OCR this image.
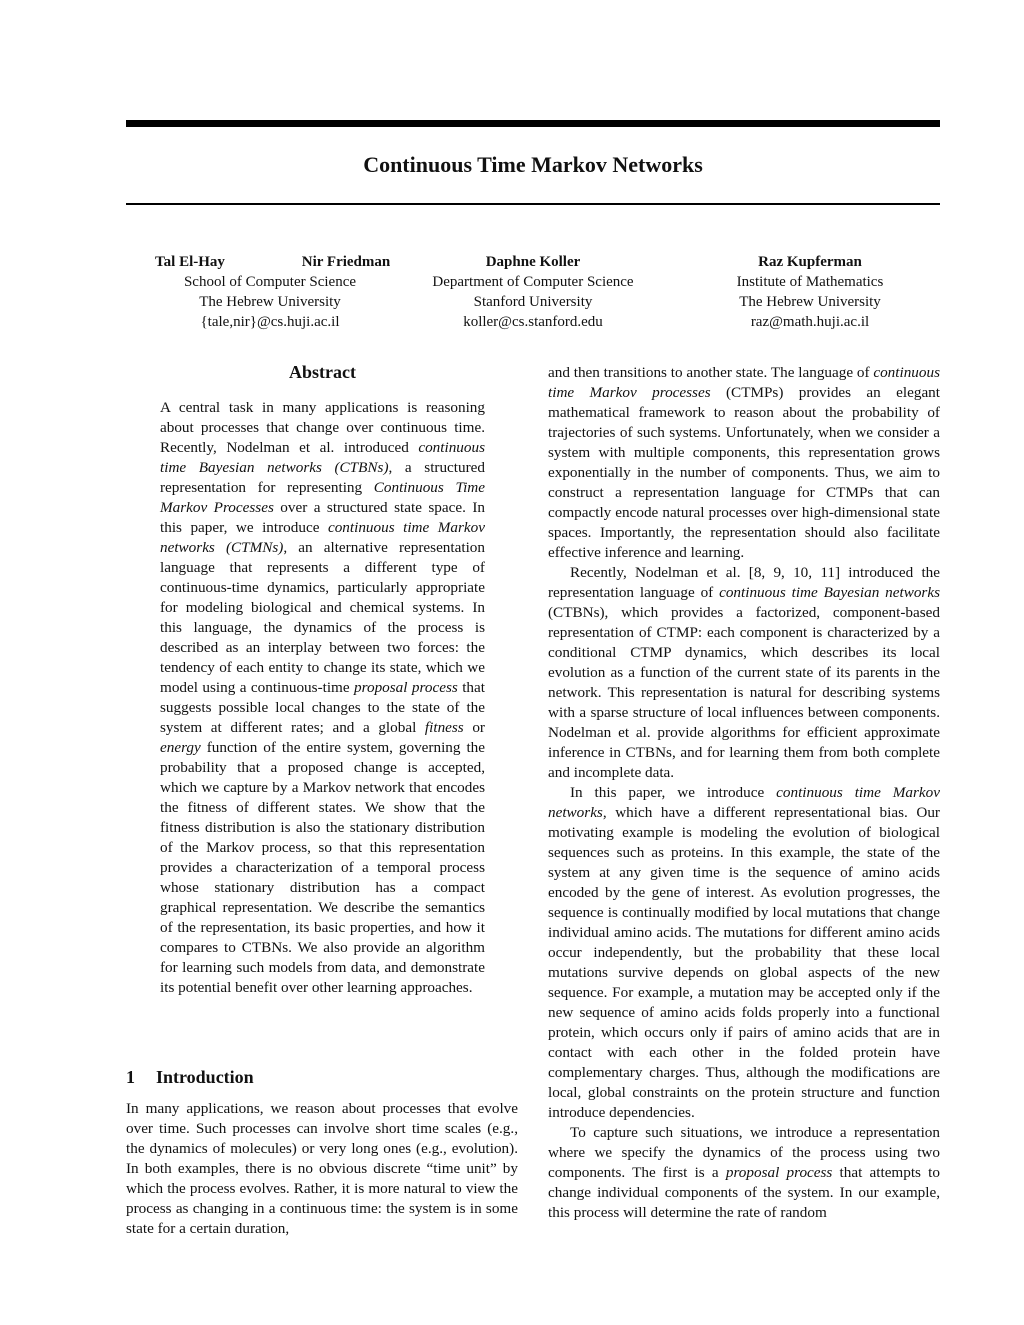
Continuous Time Markov Networks
Tal El-Hay	Nir Friedman
School of Computer Science
The Hebrew University
{tale,nir}@cs.huji.ac.il
Daphne Koller
Department of Computer Science
Stanford University
koller@cs.stanford.edu
Raz Kupferman
Institute of Mathematics
The Hebrew University
raz@math.huji.ac.il
Abstract

A central task in many applications is reasoning about processes that change over continuous time. Recently, Nodelman et al. introduced continuous time Bayesian networks (CTBNs), a structured representation for representing Continuous Time Markov Processes over a structured state space. In this paper, we introduce continuous time Markov networks (CTMNs), an alternative representation language that represents a different type of continuous-time dynamics, particularly appropriate for modeling biological and chemical systems. In this language, the dynamics of the process is described as an interplay between two forces: the tendency of each entity to change its state, which we model using a continuous-time proposal process that suggests possible local changes to the state of the system at different rates; and a global fitness or energy function of the entire system, governing the probability that a proposed change is accepted, which we capture by a Markov network that encodes the fitness of different states. We show that the fitness distribution is also the stationary distribution of the Markov process, so that this representation provides a characterization of a temporal process whose stationary distribution has a compact graphical representation. We describe the semantics of the representation, its basic properties, and how it compares to CTBNs. We also provide an algorithm for learning such models from data, and demonstrate its potential benefit over other learning approaches.

1 Introduction

In many applications, we reason about processes that evolve over time. Such processes can involve short time scales (e.g., the dynamics of molecules) or very long ones (e.g., evolution). In both examples, there is no obvious discrete “time unit” by which the process evolves. Rather, it is more natural to view the process as changing in a continuous time: the system is in some state for a certain duration,

and then transitions to another state. The language of continuous time Markov processes (CTMPs) provides an elegant mathematical framework to reason about the probability of trajectories of such systems. Unfortunately, when we consider a system with multiple components, this representation grows exponentially in the number of components. Thus, we aim to construct a representation language for CTMPs that can compactly encode natural processes over high-dimensional state spaces. Importantly, the representation should also facilitate effective inference and learning.

Recently, Nodelman et al. [8, 9, 10, 11] introduced the representation language of continuous time Bayesian networks (CTBNs), which provides a factorized, component-based representation of CTMP: each component is characterized by a conditional CTMP dynamics, which describes its local evolution as a function of the current state of its parents in the network. This representation is natural for describing systems with a sparse structure of local influences between components. Nodelman et al. provide algorithms for efficient approximate inference in CTBNs, and for learning them from both complete and incomplete data.

In this paper, we introduce continuous time Markov networks, which have a different representational bias. Our motivating example is modeling the evolution of biological sequences such as proteins. In this example, the state of the system at any given time is the sequence of amino acids encoded by the gene of interest. As evolution progresses, the sequence is continually modified by local mutations that change individual amino acids. The mutations for different amino acids occur independently, but the probability that these local mutations survive depends on global aspects of the new sequence. For example, a mutation may be accepted only if the new sequence of amino acids folds properly into a functional protein, which occurs only if pairs of amino acids that are in contact with each other in the folded protein have complementary charges. Thus, although the modifications are local, global constraints on the protein structure and function introduce dependencies.

To capture such situations, we introduce a representation where we specify the dynamics of the process using two components. The first is a proposal process that attempts to change individual components of the system. In our example, this process will determine the rate of random
